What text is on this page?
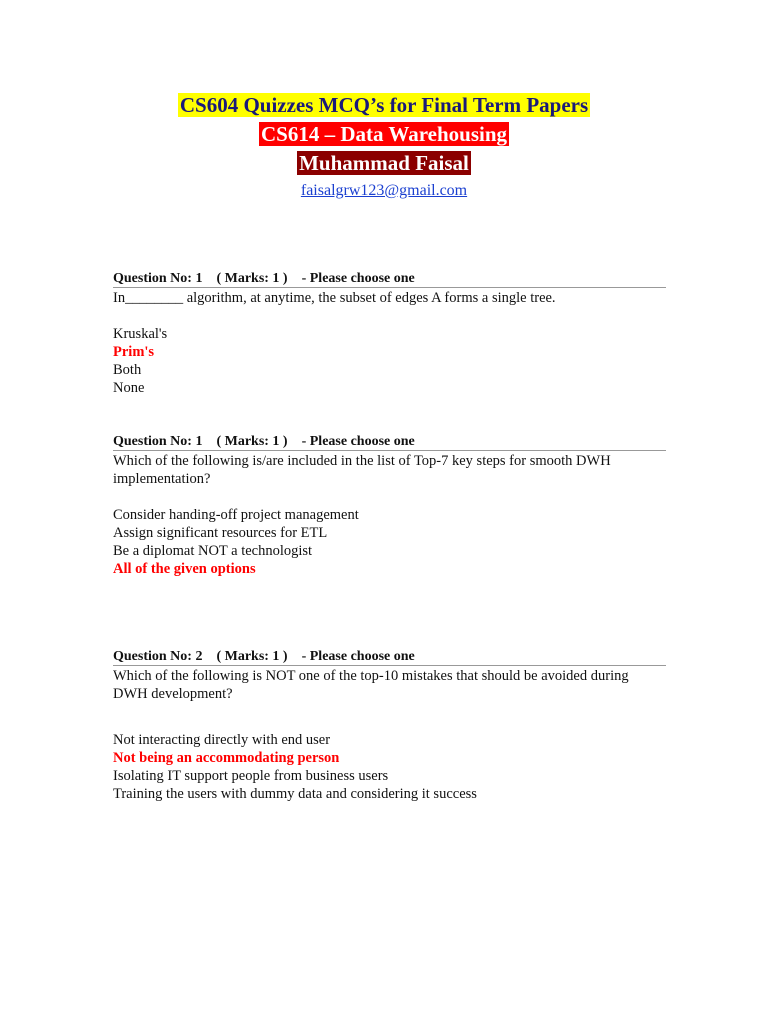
CS604 Quizzes MCQ’s for Final Term Papers
CS614 – Data Warehousing
Muhammad Faisal
faisalgrw123@gmail.com
Question No: 1    ( Marks: 1 )    - Please choose one
In________ algorithm, at anytime, the subset of edges A forms a single tree.
Kruskal's
Prim's
Both
None
Question No: 1    ( Marks: 1 )    - Please choose one
Which of the following is/are included in the list of Top-7 key steps for smooth DWH implementation?
Consider handing-off project management
Assign significant resources for ETL
Be a diplomat NOT a technologist
All of the given options
Question No: 2    ( Marks: 1 )    - Please choose one
Which of the following is NOT one of the top-10 mistakes that should be avoided during DWH development?
Not interacting directly with end user
Not being an accommodating person
Isolating IT support people from business users
Training the users with dummy data and considering it success
